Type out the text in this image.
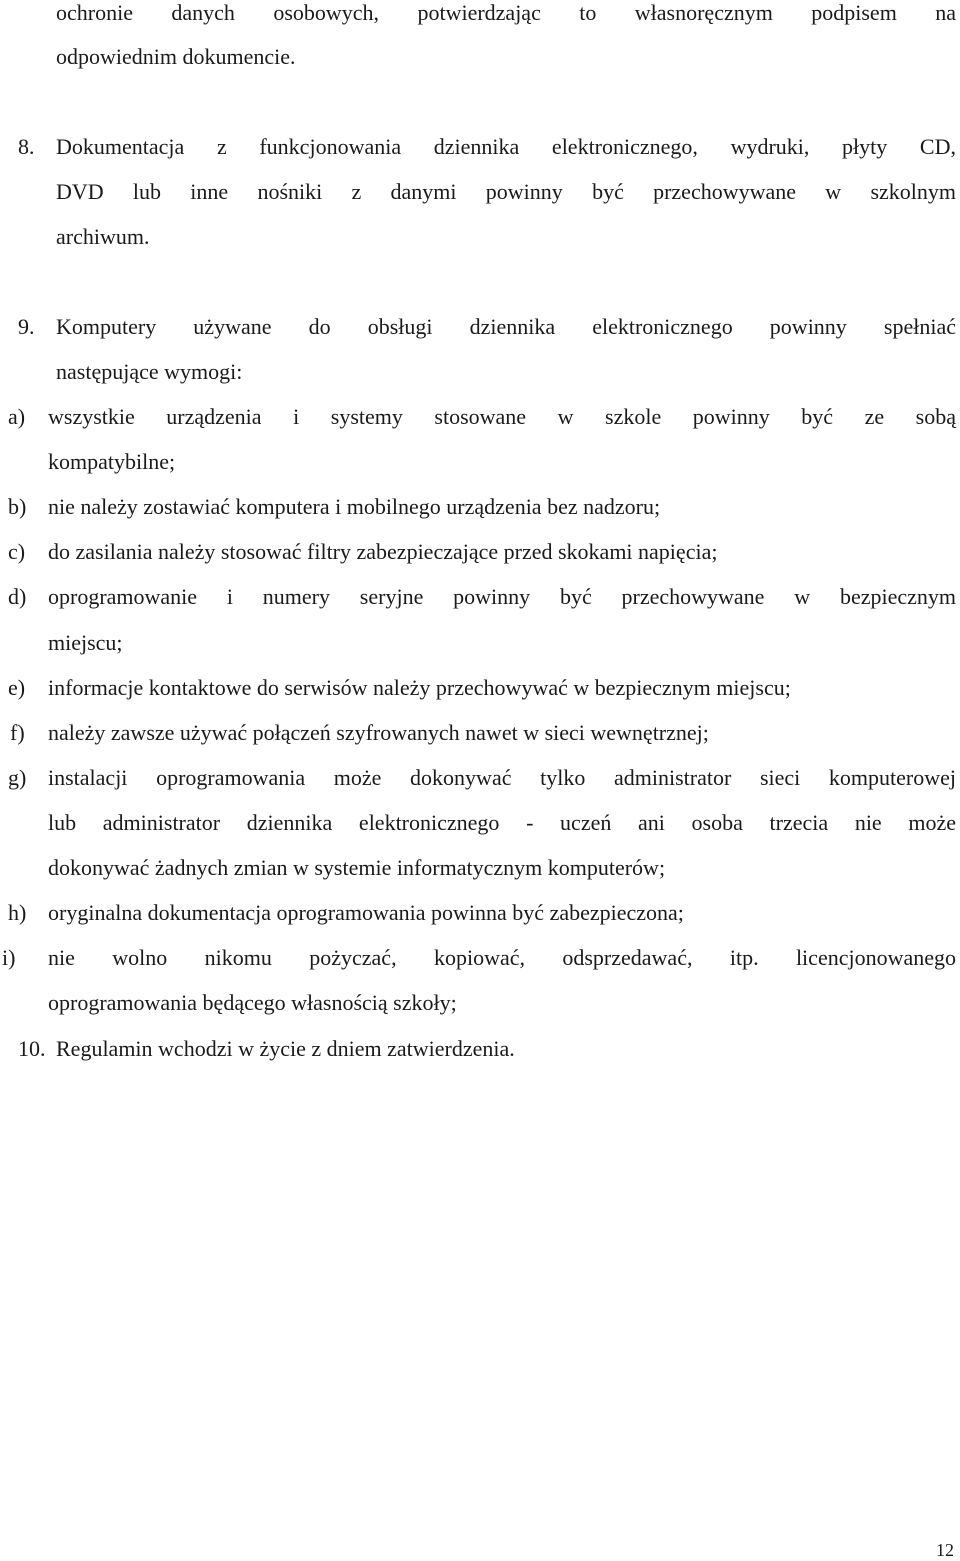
ochronie danych osobowych, potwierdzając to własnoręcznym podpisem na
odpowiednim dokumencie.
8. Dokumentacja z funkcjonowania dziennika elektronicznego, wydruki, płyty CD,
DVD lub inne nośniki z danymi powinny być przechowywane w szkolnym
archiwum.
9. Komputery używane do obsługi dziennika elektronicznego powinny spełniać
następujące wymogi:
a) wszystkie urządzenia i systemy stosowane w szkole powinny być ze sobą
kompatybilne;
b) nie należy zostawiać komputera i mobilnego urządzenia bez nadzoru;
c) do zasilania należy stosować filtry zabezpieczające przed skokami napięcia;
d) oprogramowanie i numery seryjne powinny być przechowywane w bezpiecznym
miejscu;
e) informacje kontaktowe do serwisów należy przechowywać w bezpiecznym miejscu;
f) należy zawsze używać połączeń szyfrowanych nawet w sieci wewnętrznej;
g) instalacji oprogramowania może dokonywać tylko administrator sieci komputerowej
lub administrator dziennika elektronicznego - uczeń ani osoba trzecia nie może
dokonywać żadnych zmian w systemie informatycznym komputerów;
h) oryginalna dokumentacja oprogramowania powinna być zabezpieczona;
i) nie wolno nikomu pożyczać, kopiować, odsprzedawać, itp. licencjonowanego
oprogramowania będącego własnością szkoły;
10. Regulamin wchodzi w życie z dniem zatwierdzenia.
12
